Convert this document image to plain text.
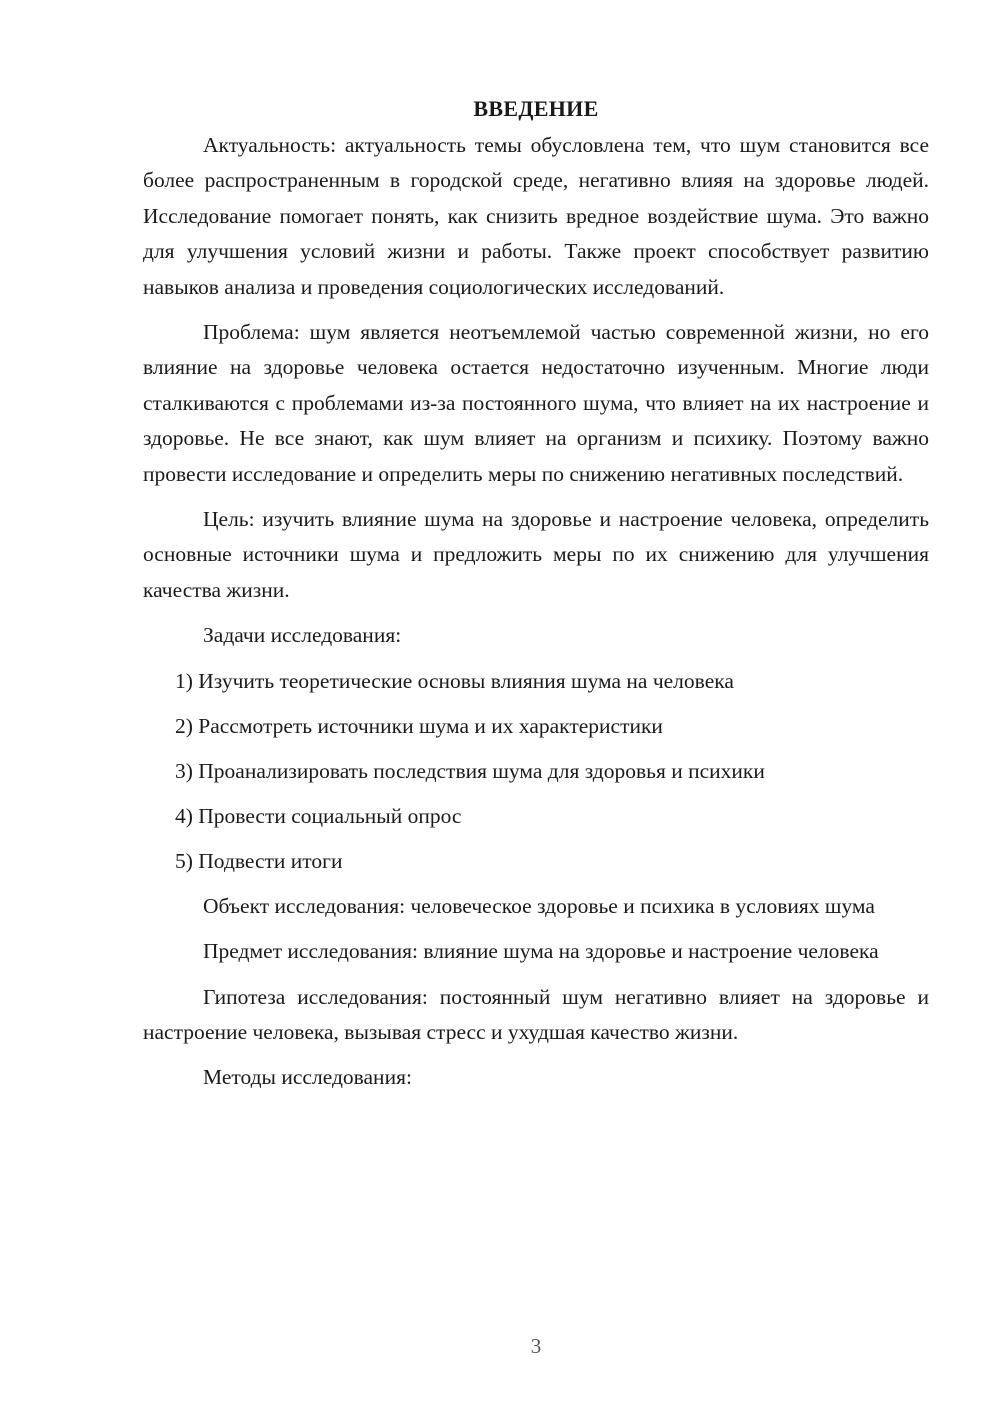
ВВЕДЕНИЕ

Актуальность: актуальность темы обусловлена тем, что шум становится все более распространенным в городской среде, негативно влияя на здоровье людей. Исследование помогает понять, как снизить вредное воздействие шума. Это важно для улучшения условий жизни и работы. Также проект способствует развитию навыков анализа и проведения социологических исследований.

Проблема: шум является неотъемлемой частью современной жизни, но его влияние на здоровье человека остается недостаточно изученным. Многие люди сталкиваются с проблемами из-за постоянного шума, что влияет на их настроение и здоровье. Не все знают, как шум влияет на организм и психику. Поэтому важно провести исследование и определить меры по снижению негативных последствий.

Цель: изучить влияние шума на здоровье и настроение человека, определить основные источники шума и предложить меры по их снижению для улучшения качества жизни.

Задачи исследования:

1) Изучить теоретические основы влияния шума на человека
2) Рассмотреть источники шума и их характеристики
3) Проанализировать последствия шума для здоровья и психики
4) Провести социальный опрос
5) Подвести итоги

Объект исследования: человеческое здоровье и психика в условиях шума

Предмет исследования: влияние шума на здоровье и настроение человека

Гипотеза исследования: постоянный шум негативно влияет на здоровье и настроение человека, вызывая стресс и ухудшая качество жизни.

Методы исследования:

3
